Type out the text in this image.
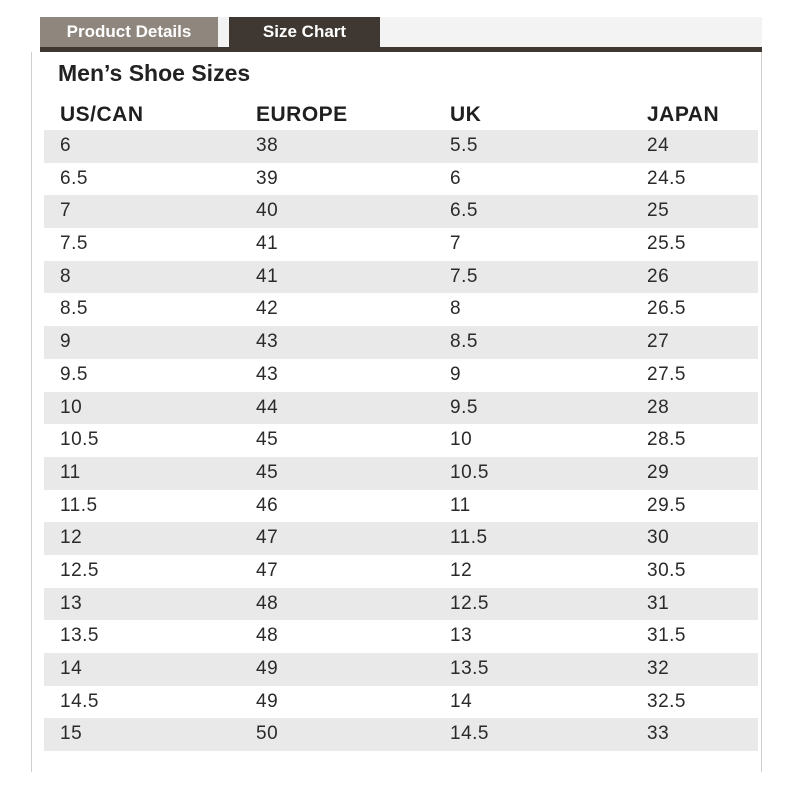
Product Details	Size Chart
Men’s Shoe Sizes
US/CAN	EUROPE	UK	JAPAN
6	38	5.5	24
6.5	39	6	24.5
7	40	6.5	25
7.5	41	7	25.5
8	41	7.5	26
8.5	42	8	26.5
9	43	8.5	27
9.5	43	9	27.5
10	44	9.5	28
10.5	45	10	28.5
11	45	10.5	29
11.5	46	11	29.5
12	47	11.5	30
12.5	47	12	30.5
13	48	12.5	31
13.5	48	13	31.5
14	49	13.5	32
14.5	49	14	32.5
15	50	14.5	33
